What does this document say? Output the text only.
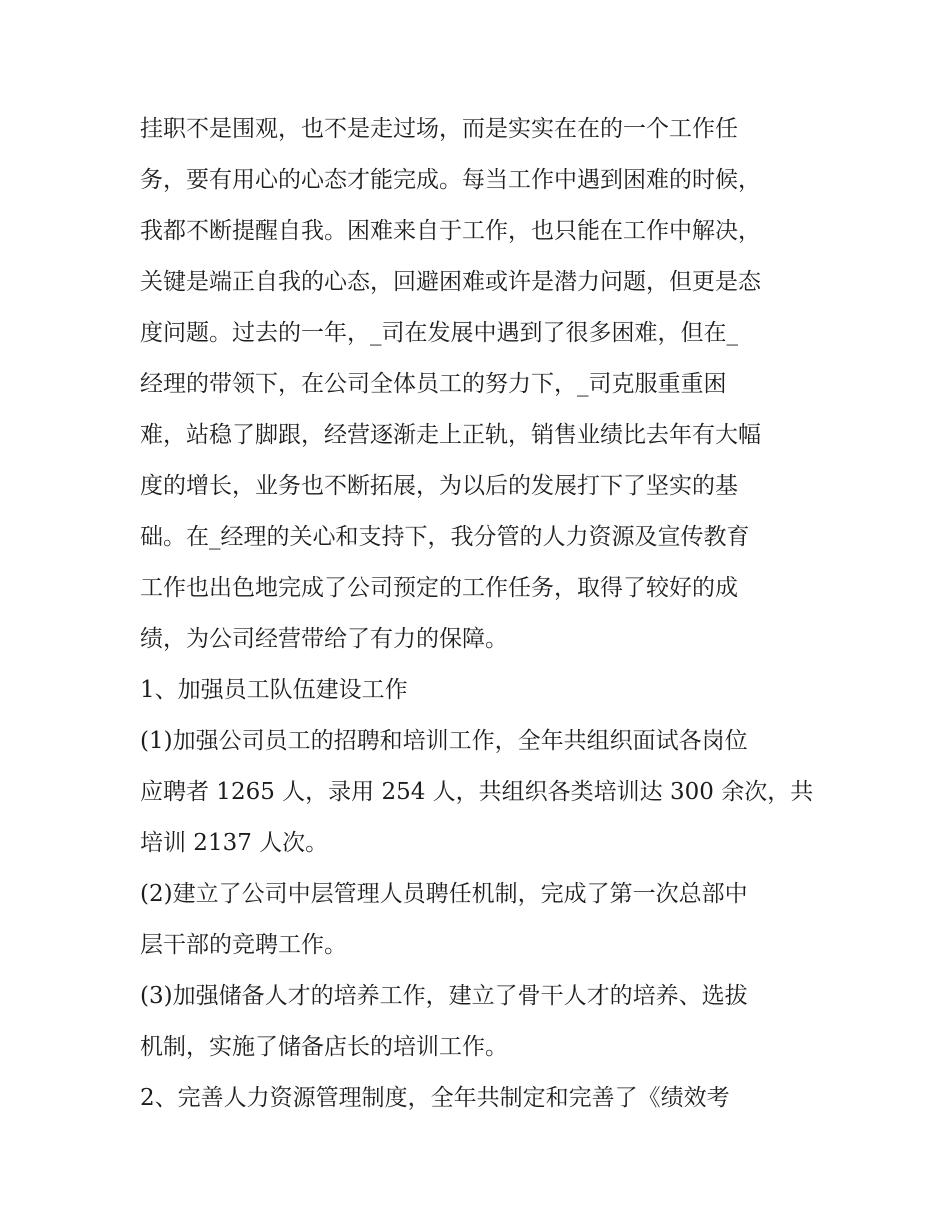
挂职不是围观，也不是走过场，而是实实在在的一个工作任
务，要有用心的心态才能完成。每当工作中遇到困难的时候，
我都不断提醒自我。困难来自于工作，也只能在工作中解决，
关键是端正自我的心态，回避困难或许是潜力问题，但更是态
度问题。过去的一年，_司在发展中遇到了很多困难，但在_
经理的带领下，在公司全体员工的努力下，_司克服重重困
难，站稳了脚跟，经营逐渐走上正轨，销售业绩比去年有大幅
度的增长，业务也不断拓展，为以后的发展打下了坚实的基
础。在_经理的关心和支持下，我分管的人力资源及宣传教育
工作也出色地完成了公司预定的工作任务，取得了较好的成
绩，为公司经营带给了有力的保障。
1、加强员工队伍建设工作
(1)加强公司员工的招聘和培训工作，全年共组织面试各岗位
应聘者 1265 人，录用 254 人，共组织各类培训达 300 余次，共
培训 2137 人次。
(2)建立了公司中层管理人员聘任机制，完成了第一次总部中
层干部的竞聘工作。
(3)加强储备人才的培养工作，建立了骨干人才的培养、选拔
机制，实施了储备店长的培训工作。
2、完善人力资源管理制度，全年共制定和完善了《绩效考
